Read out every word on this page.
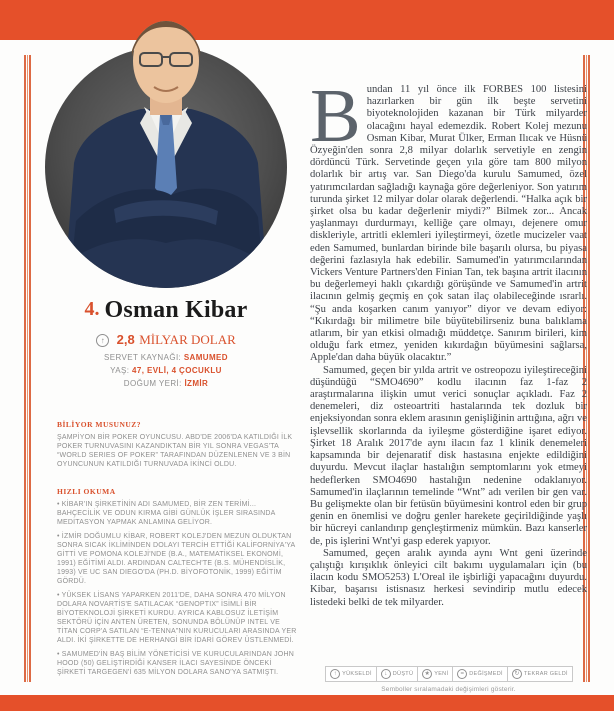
4. Osman Kibar
↑ 2,8 MİLYAR DOLAR
SERVET KAYNAĞI: SAMUMED
YAŞ: 47, EVLİ, 4 ÇOCUKLU
DOĞUM YERİ: İZMİR

BİLİYOR MUSUNUZ?

ŞAMPİYON BİR POKER OYUNCUSU. ABD'DE 2006'DA KATILDIĞI İLK POKER TURNUVASINI KAZANDIKTAN BİR YIL SONRA VEGAS'TA “WORLD SERIES OF POKER” TARAFINDAN DÜZENLENEN VE 3 BİN OYUNCUNUN KATILDIĞI TURNUVADA İKİNCİ OLDU.

HIZLI OKUMA

• KİBAR'IN ŞİRKETİNİN ADI SAMUMED, BİR ZEN TERİMİ... BAHÇECİLİK VE ODUN KIRMA GİBİ GÜNLÜK İŞLER SIRASINDA MEDİTASYON YAPMAK ANLAMINA GELİYOR.

• İZMİR DOĞUMLU KİBAR, ROBERT KOLEJ'DEN MEZUN OLDUKTAN SONRA SICAK İKLİMİNDEN DOLAYI TERCİH ETTİĞİ KALİFORNİYA'YA GİTTİ VE POMONA KOLEJİ'NDE (B.A., MATEMATİKSEL EKONOMİ, 1991) EĞİTİMİ ALDI. ARDINDAN CALTECH'TE (B.S. MÜHENDİSLİK, 1993) VE UC SAN DIEGO'DA (PH.D. BİYOFOTONİK, 1999) EĞİTİM GÖRDÜ.

• YÜKSEK LİSANS YAPARKEN 2011'DE, DAHA SONRA 470 MİLYON DOLARA NOVARTİS'E SATILACAK “GENOPTIX” İSİMLİ BİR BİYOTEKNOLOJİ ŞİRKETİ KURDU. AYRICA KABLOSUZ İLETİŞİM SEKTÖRÜ İÇİN ANTEN ÜRETEN, SONUNDA BÖLÜNÜP INTEL VE TİTAN CORP'A SATILAN “E-TENNA”NIN KURUCULARI ARASINDA YER ALDI. İKİ ŞİRKETTE DE HERHANGİ BİR İDARİ GÖREV ÜSTLENMEDİ.

• SAMUMED'İN BAŞ BİLİM YÖNETİCİSİ VE KURUCULARINDAN JOHN HOOD (50) GELİŞTİRDİĞİ KANSER İLACI SAYESİNDE ÖNCEKİ ŞİRKETİ TARGEGEN'İ 635 MİLYON DOLARA SANO'YA SATMIŞTI.

Bundan 11 yıl önce ilk FORBES 100 listesini hazırlarken bir gün ilk beşte servetini biyoteknolojiden kazanan bir Türk milyarder olacağını hayal edemezdik. Robert Kolej mezunu Osman Kibar, Murat Ülker, Erman Ilıcak ve Hüsnü Özyeğin'den sonra 2,8 milyar dolarlık servetiyle en zengin dördüncü Türk. Servetinde geçen yıla göre tam 800 milyon dolarlık bir artış var. San Diego'da kurulu Samumed, özel yatırımcılardan sağladığı kaynağa göre değerleniyor. Son yatırım turunda şirket 12 milyar dolar olarak değerlendi. “Halka açık bir şirket olsa bu kadar değerlenir miydi?” Bilmek zor... Ancak yaşlanmayı durdurmayı, kelliğe çare olmayı, dejenere omur diskleriyle, artritli eklemleri iyileştirmeyi, özetle mucizeler vaat eden Samumed, bunlardan birinde bile başarılı olursa, bu piyasa değerini fazlasıyla hak edebilir. Samumed'in yatırımcılarından Vickers Venture Partners'den Finian Tan, tek başına artrit ilacının bu değerlemeyi haklı çıkardığı görüşünde ve Samumed'in artrit ilacının gelmiş geçmiş en çok satan ilaç olabileceğinde ısrarlı. “Şu anda koşarken canım yanıyor” diyor ve devam ediyor: “Kıkırdağı bir milimetre bile büyütebilirseniz buna balıklama atlarım, bir yan etkisi olmadığı müddetçe. Sanırım birileri, kim olduğu fark etmez, yeniden kıkırdağın büyümesini sağlarsa, Apple'dan daha büyük olacaktır.”

Samumed, geçen bir yılda artrit ve ostreopozu iyileştireceğini düşündüğü “SMO4690” kodlu ilacının faz 1-faz 2 araştırmalarına ilişkin umut verici sonuçlar açıkladı. Faz 2 denemeleri, diz osteoartriti hastalarında tek dozluk bir enjeksiyondan sonra eklem arasının genişliğinin arttığına, ağrı ve işlevsellik skorlarında da iyileşme gösterdiğine işaret ediyor. Şirket 18 Aralık 2017'de aynı ilacın faz 1 klinik denemeleri kapsamında bir dejenaratif disk hastasına enjekte edildiğini duyurdu. Mevcut ilaçlar hastalığın semptomlarını yok etmeyi hedeflerken SMO4690 hastalığın nedenine odaklanıyor. Samumed'in ilaçlarının temelinde “Wnt” adı verilen bir gen var. Bu gelişmekte olan bir fetüsün büyümesini kontrol eden bir grup genin en önemlisi ve doğru genler harekete geçirildiğinde yaşlı bir hücreyi canlandırıp gençleştirmeniz mümkün. Bazı kanserler de, pis işlerini Wnt'yi gasp ederek yapıyor.

Samumed, geçen aralık ayında aynı Wnt geni üzerinde çalıştığı kırışıklık önleyici cilt bakımı uygulamaları için (bu ilacın kodu SMO5253) L'Oreal ile işbirliği yapacağını duyurdu. Kibar, başarısı istisnasız herkesi sevindirip mutlu edecek listedeki belki de tek milyarder.

↑	YÜKSELDİ	↓	DÜŞTÜ	★ YENİ	= DEĞİŞMEDİ	↻ TEKRAR GELDİ
Semboller sıralamadaki değişimleri gösterir.
